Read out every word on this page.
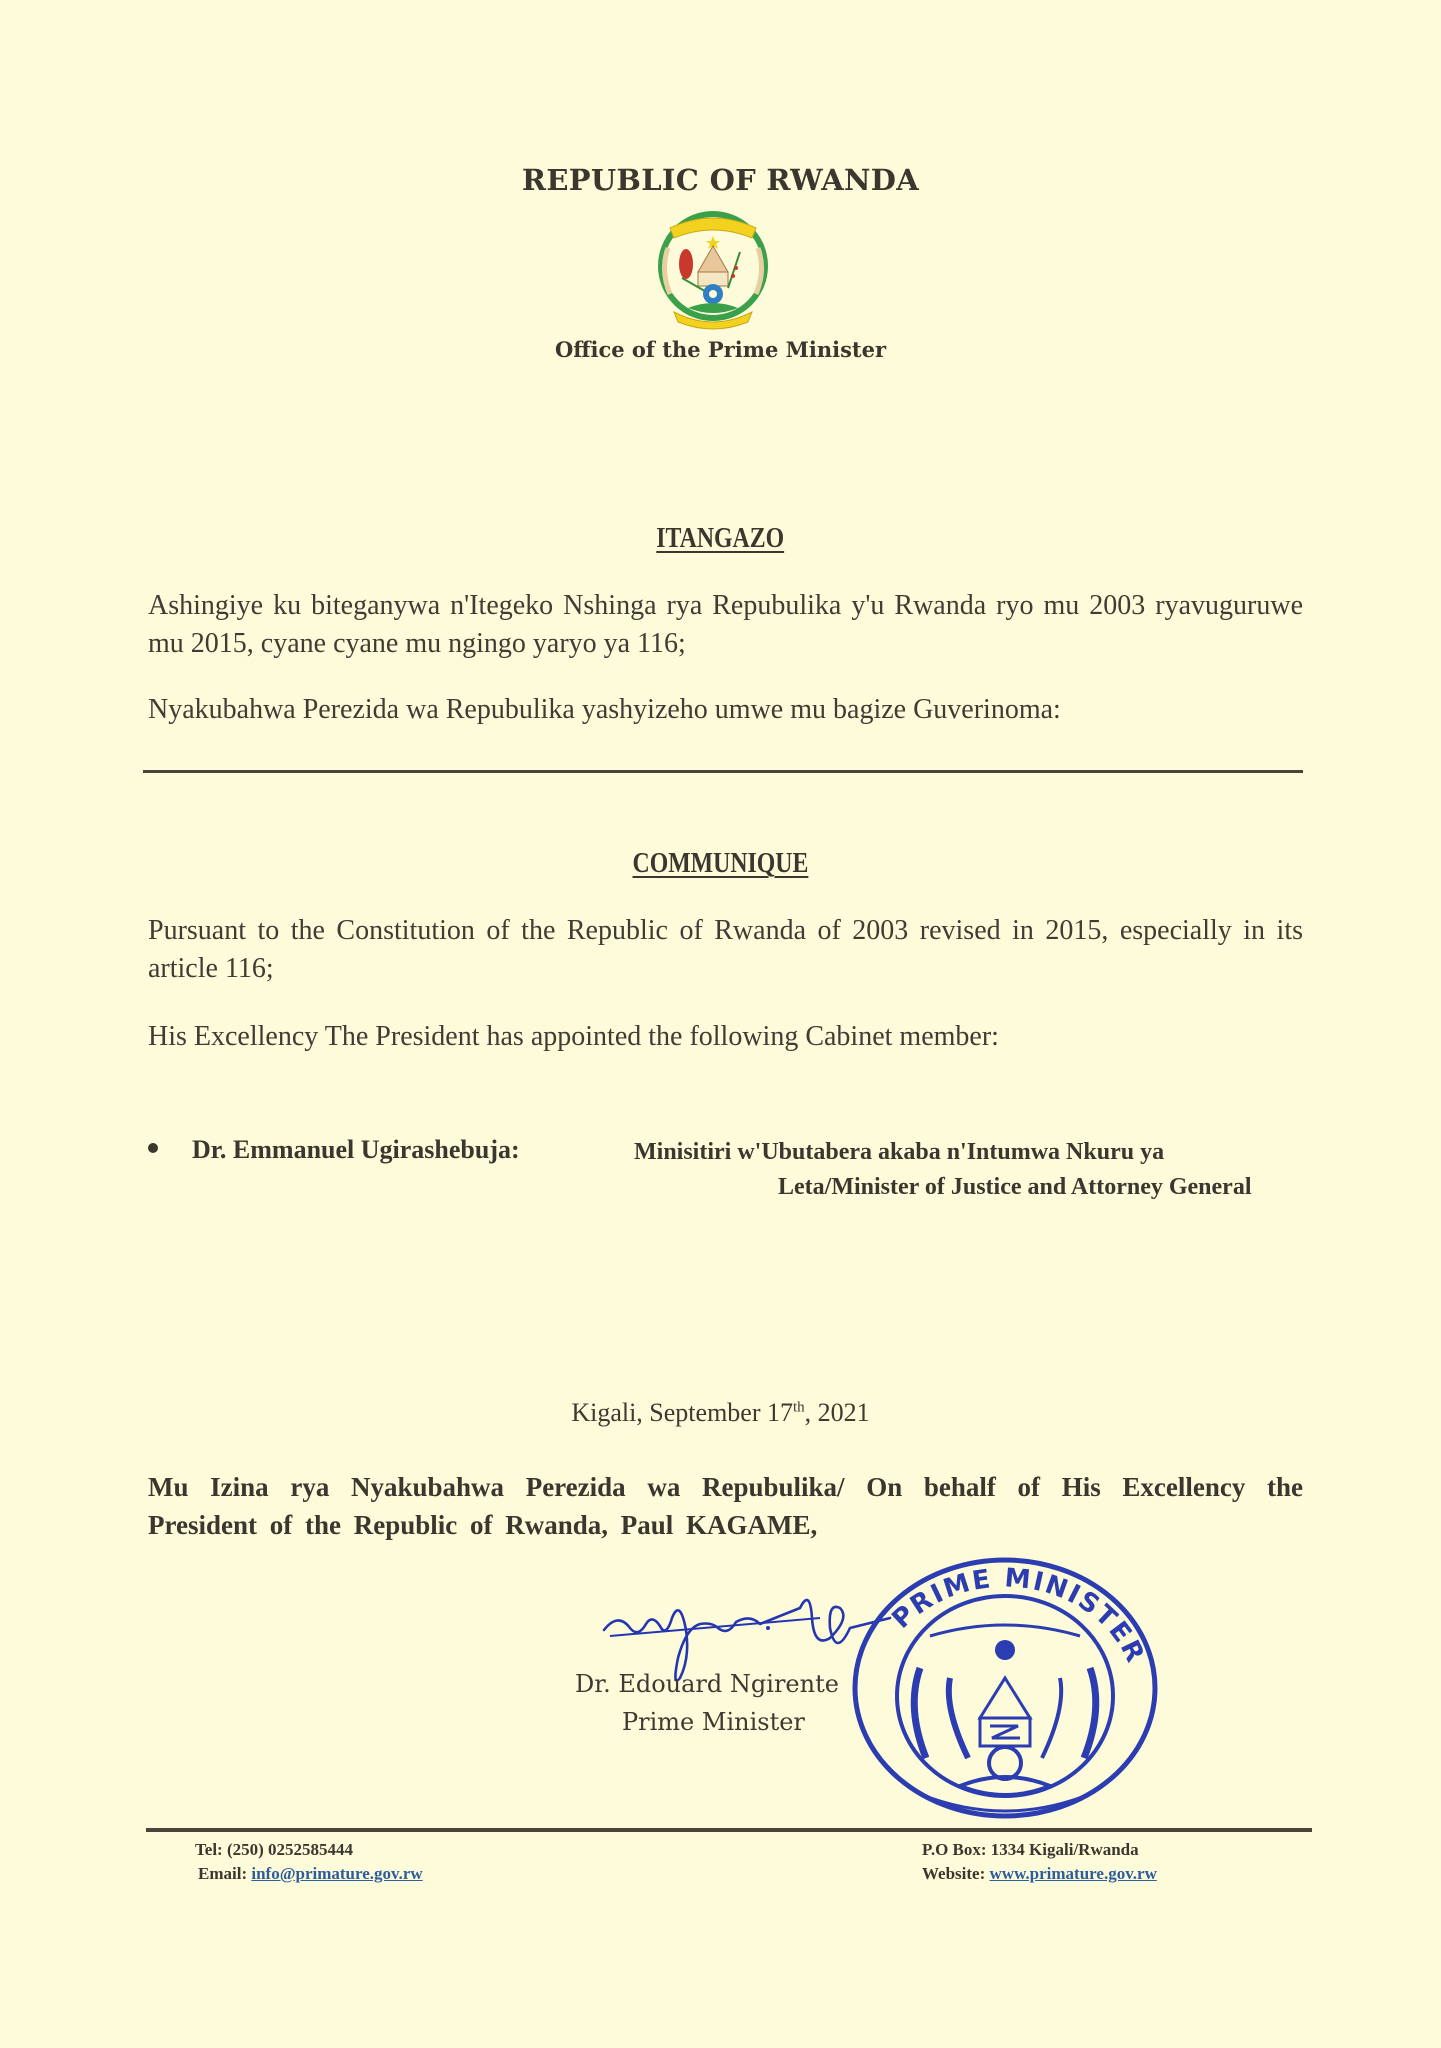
REPUBLIC OF RWANDA
Office of the Prime Minister
ITANGAZO
Ashingiye ku biteganywa n'Itegeko Nshinga rya Repubulika y'u Rwanda ryo mu 2003 ryavuguruwe mu 2015, cyane cyane mu ngingo yaryo ya 116;
Nyakubahwa Perezida wa Repubulika yashyizeho umwe mu bagize Guverinoma:
COMMUNIQUE
Pursuant to the Constitution of the Republic of Rwanda of 2003 revised in 2015, especially in its article 116;
His Excellency The President has appointed the following Cabinet member:
Dr. Emmanuel Ugirashebuja:	Minisitiri w'Ubutabera akaba n'Intumwa Nkuru ya Leta/Minister of Justice and Attorney General
Kigali, September 17th, 2021
Mu Izina rya Nyakubahwa Perezida wa Repubulika/ On behalf of His Excellency the President of the Republic of Rwanda, Paul KAGAME,
PRIME MINISTER
Dr. Edouard Ngirente
Prime Minister
Tel: (250) 0252585444
Email: info@primature.gov.rw
P.O Box: 1334 Kigali/Rwanda
Website: www.primature.gov.rw
